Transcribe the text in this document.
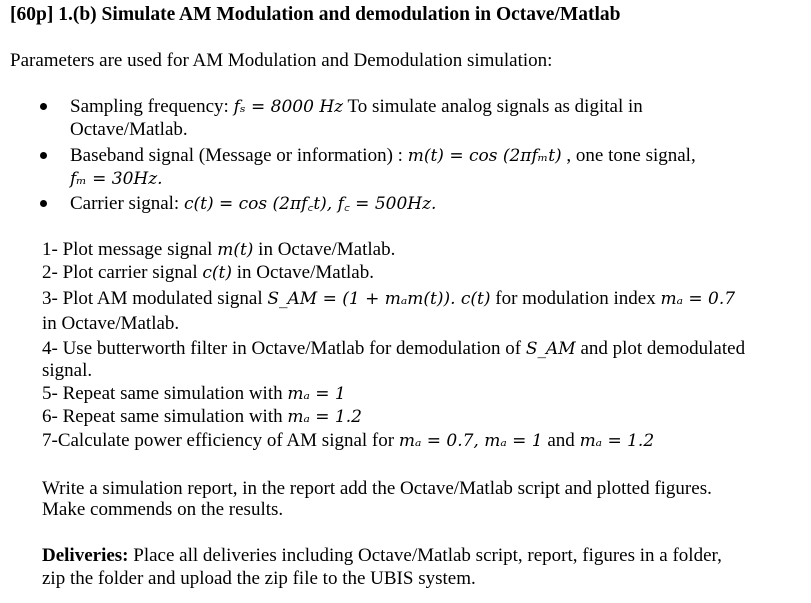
[60p] 1.(b) Simulate AM Modulation and demodulation in Octave/Matlab
Parameters are used for AM Modulation and Demodulation simulation:
Sampling frequency: fₛ = 8000 Hz To simulate analog signals as digital in
Octave/Matlab.
Baseband signal (Message or information) : m(t) = cos (2πfₘt) , one tone signal,
fₘ = 30Hz.
Carrier signal: c(t) = cos (2πf꜀t), f꜀ = 500Hz.
1- Plot message signal m(t) in Octave/Matlab.
2- Plot carrier signal c(t) in Octave/Matlab.
3- Plot AM modulated signal S_AM = (1 + mₐm(t)). c(t) for modulation index mₐ = 0.7
in Octave/Matlab.
4- Use butterworth filter in Octave/Matlab for demodulation of S_AM and plot demodulated
signal.
5- Repeat same simulation with mₐ = 1
6- Repeat same simulation with mₐ = 1.2
7-Calculate power efficiency of AM signal for mₐ = 0.7, mₐ = 1 and mₐ = 1.2
Write a simulation report, in the report add the Octave/Matlab script and plotted figures.
Make commends on the results.
Deliveries: Place all deliveries including Octave/Matlab script, report, figures in a folder,
zip the folder and upload the zip file to the UBIS system.
